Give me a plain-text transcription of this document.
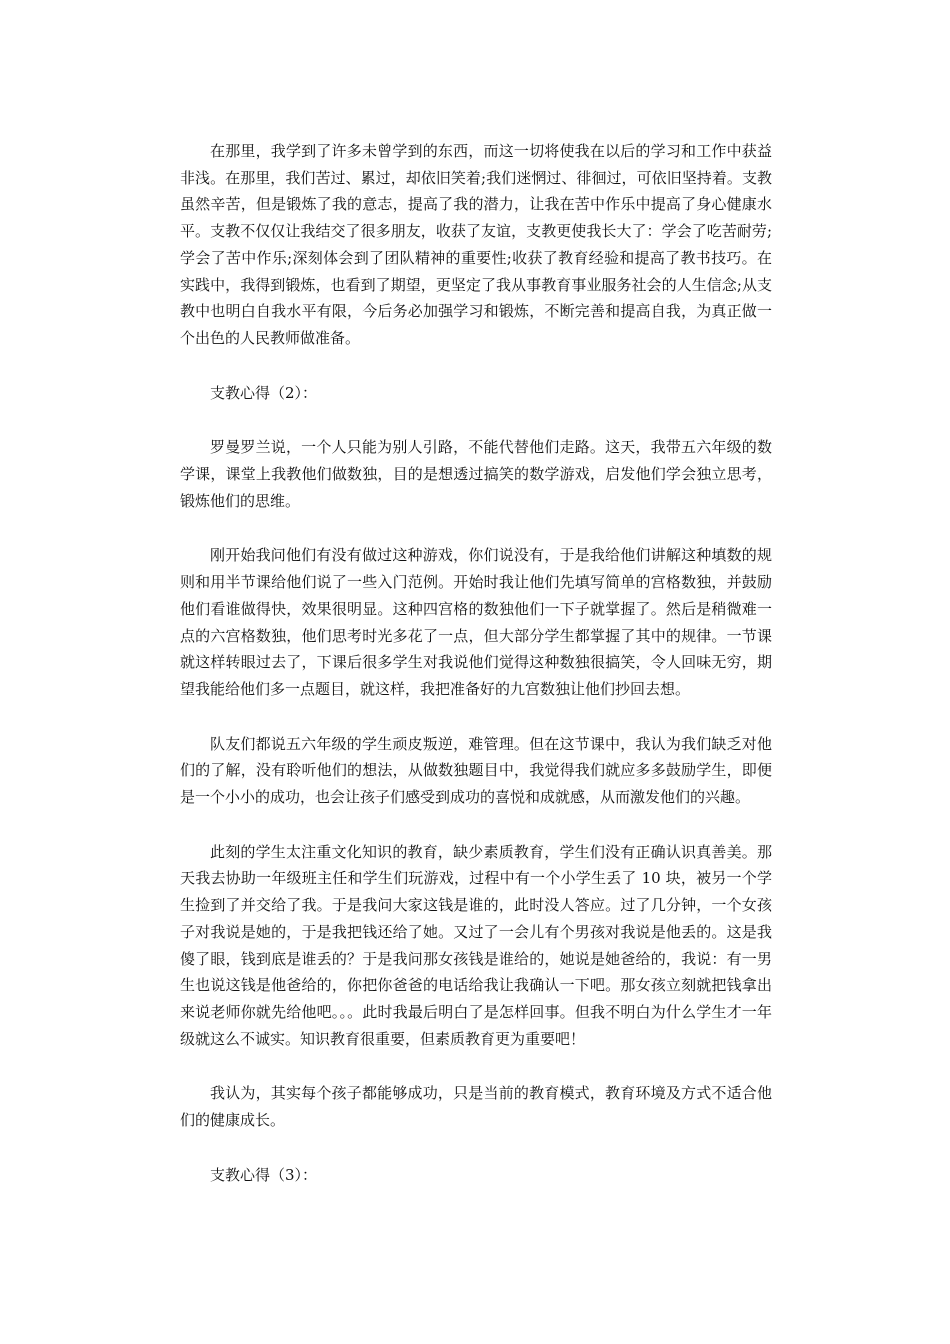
在那里，我学到了许多未曾学到的东西，而这一切将使我在以后的学习和工作中获益非浅。在那里，我们苦过、累过，却依旧笑着;我们迷惘过、徘徊过，可依旧坚持着。支教虽然辛苦，但是锻炼了我的意志，提高了我的潜力，让我在苦中作乐中提高了身心健康水平。支教不仅仅让我结交了很多朋友，收获了友谊，支教更使我长大了：学会了吃苦耐劳;学会了苦中作乐;深刻体会到了团队精神的重要性;收获了教育经验和提高了教书技巧。在实践中，我得到锻炼，也看到了期望，更坚定了我从事教育事业服务社会的人生信念;从支教中也明白自我水平有限，今后务必加强学习和锻炼，不断完善和提高自我，为真正做一个出色的人民教师做准备。

支教心得（2）：

罗曼罗兰说，一个人只能为别人引路，不能代替他们走路。这天，我带五六年级的数学课，课堂上我教他们做数独，目的是想透过搞笑的数学游戏，启发他们学会独立思考，锻炼他们的思维。

刚开始我问他们有没有做过这种游戏，你们说没有，于是我给他们讲解这种填数的规则和用半节课给他们说了一些入门范例。开始时我让他们先填写简单的宫格数独，并鼓励他们看谁做得快，效果很明显。这种四宫格的数独他们一下子就掌握了。然后是稍微难一点的六宫格数独，他们思考时光多花了一点，但大部分学生都掌握了其中的规律。一节课就这样转眼过去了，下课后很多学生对我说他们觉得这种数独很搞笑，令人回味无穷，期望我能给他们多一点题目，就这样，我把准备好的九宫数独让他们抄回去想。

队友们都说五六年级的学生顽皮叛逆，难管理。但在这节课中，我认为我们缺乏对他们的了解，没有聆听他们的想法，从做数独题目中，我觉得我们就应多多鼓励学生，即便是一个小小的成功，也会让孩子们感受到成功的喜悦和成就感，从而激发他们的兴趣。

此刻的学生太注重文化知识的教育，缺少素质教育，学生们没有正确认识真善美。那天我去协助一年级班主任和学生们玩游戏，过程中有一个小学生丢了 10 块，被另一个学生捡到了并交给了我。于是我问大家这钱是谁的，此时没人答应。过了几分钟，一个女孩子对我说是她的，于是我把钱还给了她。又过了一会儿有个男孩对我说是他丢的。这是我傻了眼，钱到底是谁丢的？于是我问那女孩钱是谁给的，她说是她爸给的，我说：有一男生也说这钱是他爸给的，你把你爸爸的电话给我让我确认一下吧。那女孩立刻就把钱拿出来说老师你就先给他吧。。。此时我最后明白了是怎样回事。但我不明白为什么学生才一年级就这么不诚实。知识教育很重要，但素质教育更为重要吧！

我认为，其实每个孩子都能够成功，只是当前的教育模式，教育环境及方式不适合他们的健康成长。

支教心得（3）：
